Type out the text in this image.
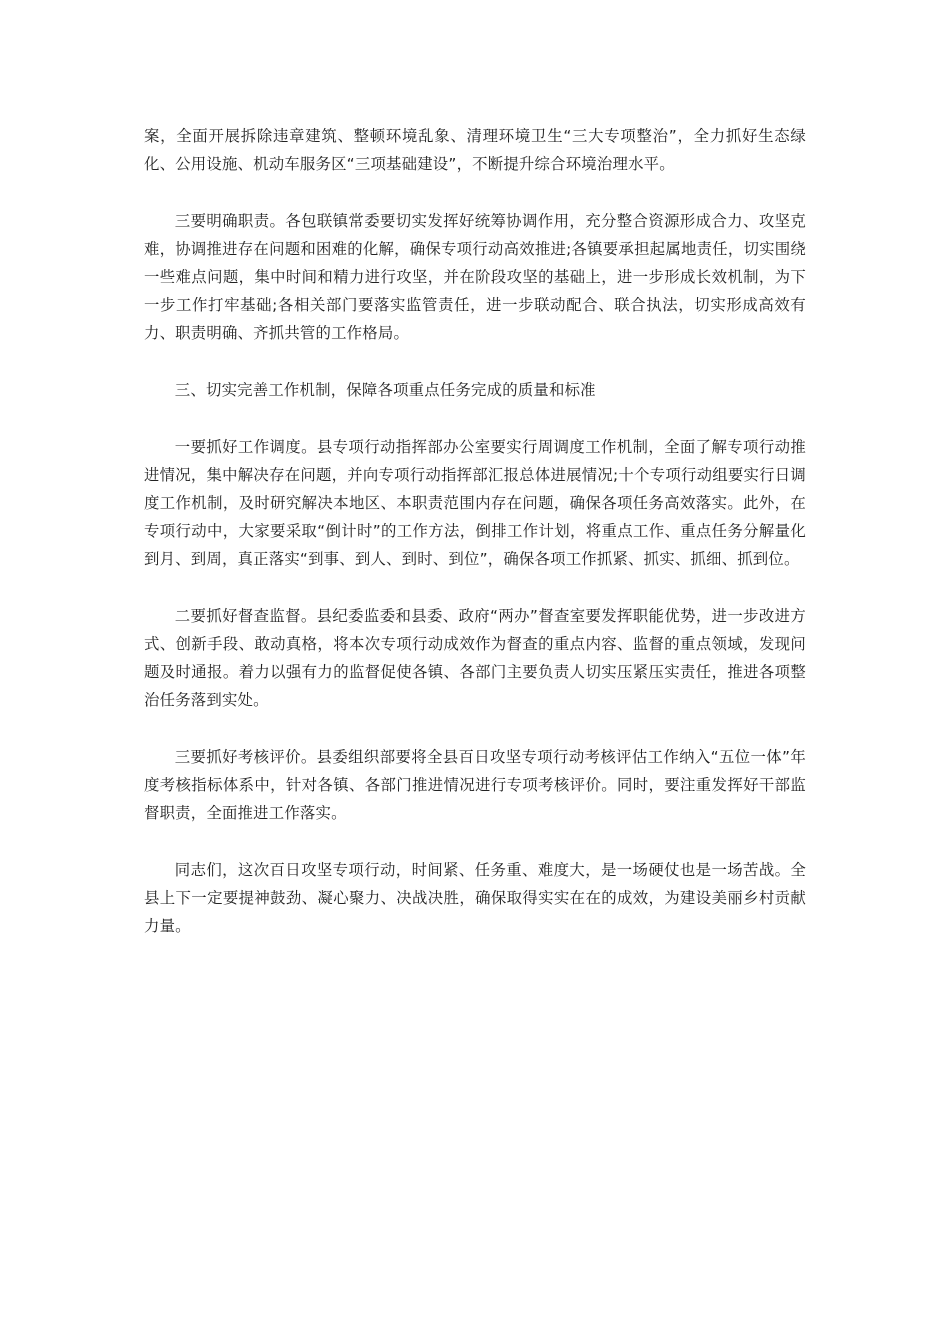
案，全面开展拆除违章建筑、整顿环境乱象、清理环境卫生“三大专项整治”，全力抓好生态绿化、公用设施、机动车服务区“三项基础建设”，不断提升综合环境治理水平。

三要明确职责。各包联镇常委要切实发挥好统筹协调作用，充分整合资源形成合力、攻坚克难，协调推进存在问题和困难的化解，确保专项行动高效推进;各镇要承担起属地责任，切实围绕一些难点问题，集中时间和精力进行攻坚，并在阶段攻坚的基础上，进一步形成长效机制，为下一步工作打牢基础;各相关部门要落实监管责任，进一步联动配合、联合执法，切实形成高效有力、职责明确、齐抓共管的工作格局。

三、切实完善工作机制，保障各项重点任务完成的质量和标准

一要抓好工作调度。县专项行动指挥部办公室要实行周调度工作机制，全面了解专项行动推进情况，集中解决存在问题，并向专项行动指挥部汇报总体进展情况;十个专项行动组要实行日调度工作机制，及时研究解决本地区、本职责范围内存在问题，确保各项任务高效落实。此外，在专项行动中，大家要采取“倒计时”的工作方法，倒排工作计划，将重点工作、重点任务分解量化到月、到周，真正落实“到事、到人、到时、到位”，确保各项工作抓紧、抓实、抓细、抓到位。

二要抓好督查监督。县纪委监委和县委、政府“两办”督查室要发挥职能优势，进一步改进方式、创新手段、敢动真格，将本次专项行动成效作为督查的重点内容、监督的重点领域，发现问题及时通报。着力以强有力的监督促使各镇、各部门主要负责人切实压紧压实责任，推进各项整治任务落到实处。

三要抓好考核评价。县委组织部要将全县百日攻坚专项行动考核评估工作纳入“五位一体”年度考核指标体系中，针对各镇、各部门推进情况进行专项考核评价。同时，要注重发挥好干部监督职责，全面推进工作落实。

同志们，这次百日攻坚专项行动，时间紧、任务重、难度大，是一场硬仗也是一场苦战。全县上下一定要提神鼓劲、凝心聚力、决战决胜，确保取得实实在在的成效，为建设美丽乡村贡献力量。
